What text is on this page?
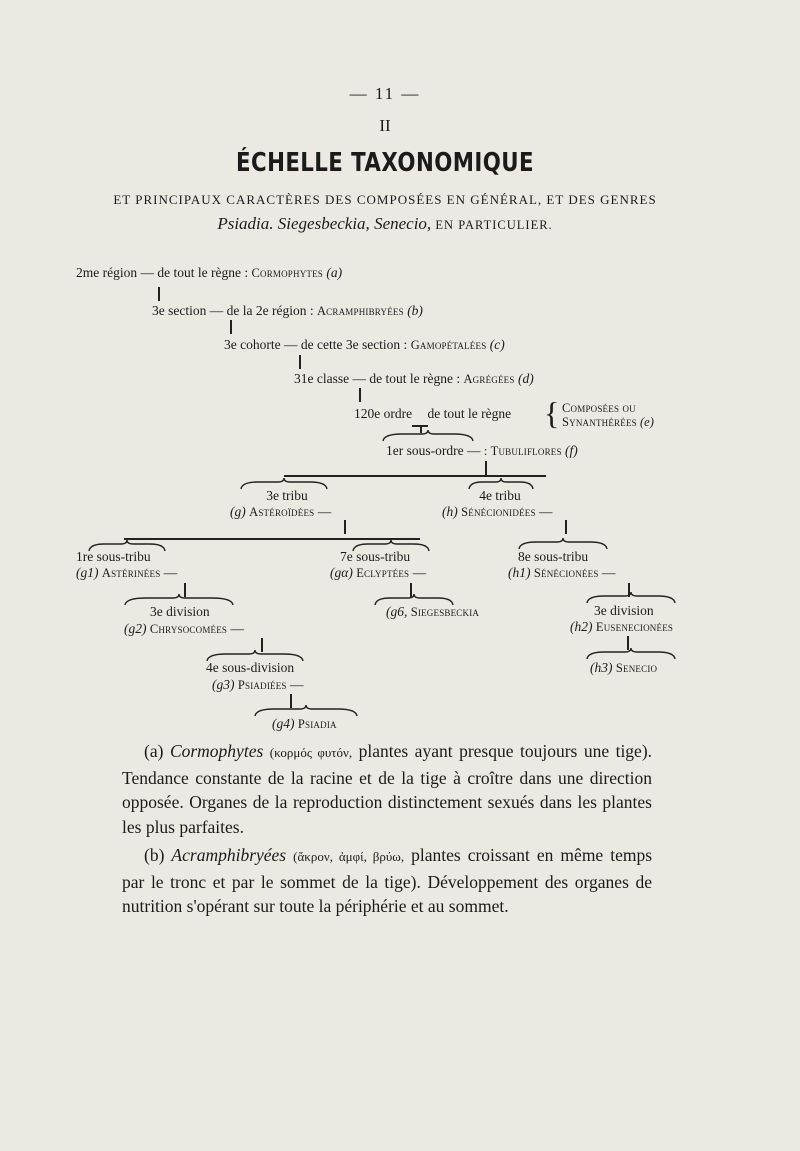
— 11 —
II
ÉCHELLE TAXONOMIQUE
ET PRINCIPAUX CARACTÈRES DES COMPOSÉES EN GÉNÉRAL, ET DES GENRES
Psiadia. Siegesbeckia, Senecio, EN PARTICULIER.
2me région — de tout le règne : Cormophytes (a)
3e section — de la 2e région : Acramphibryées (b)
3e cohorte — de cette 3e section : Gamopétalées (c)
31e classe — de tout le règne : Agrégées (d)
120e ordre de tout le règne { Composées ou
Synanthérées (e)
1er sous-ordre — : Tubuliflores (f)
3e tribu
(g) Astéroïdées —
4e tribu
(h) Sénécionidées —
1re sous-tribu
(g1) Astérinées —
7e sous-tribu
(gα) Eclyptées —
8e sous-tribu
(h1) Sénécionées —
3e division
(g2) Chrysocomées —
(g6, Siegesbeckia	3e division
(h2) Eusenecionées
4e sous-division
(g3) Psiadiées —
(h3) Senecio
(g4) Psiadia

(a) Cormophytes (κορμός φυτόν, plantes ayant presque toujours une tige). Tendance constante de la racine et de la tige à croître dans une direction opposée. Organes de la reproduction distinctement sexués dans les plantes les plus parfaites.

(b) Acramphibryées (ἄκρον, ἀμφί, βρύω, plantes croissant en même temps par le tronc et par le sommet de la tige). Développement des organes de nutrition s'opérant sur toute la périphérie et au sommet.
